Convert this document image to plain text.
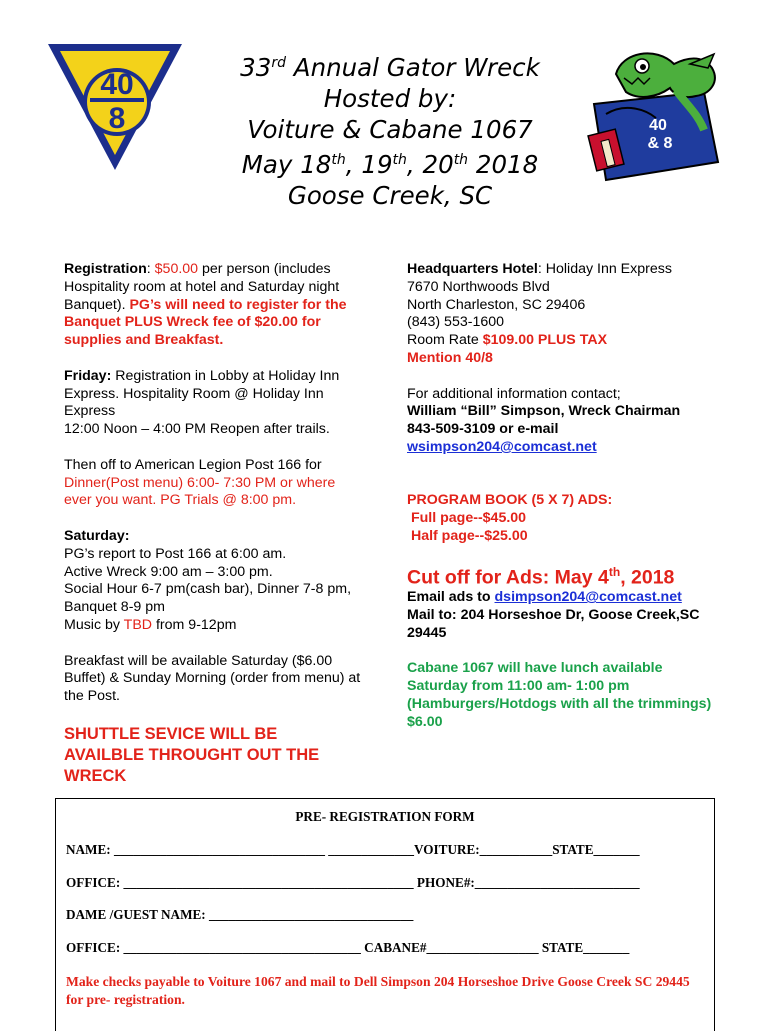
40
8	40
& 8
33rd Annual Gator Wreck
Hosted by:
Voiture & Cabane 1067
May 18th, 19th, 20th 2018
Goose Creek, SC

Registration: $50.00 per person (includes Hospitality room at hotel and Saturday night Banquet). PG’s will need to register for the Banquet PLUS Wreck fee of $20.00 for supplies and Breakfast.

Friday: Registration in Lobby at Holiday Inn Express. Hospitality Room @ Holiday Inn Express
12:00 Noon – 4:00 PM Reopen after trails.

Then off to American Legion Post 166 for Dinner(Post menu) 6:00- 7:30 PM or where ever you want. PG Trials @ 8:00 pm.

Saturday:
PG’s report to Post 166 at 6:00 am.
Active Wreck 9:00 am – 3:00 pm.
Social Hour 6-7 pm(cash bar), Dinner 7-8 pm, Banquet 8-9 pm
Music by TBD from 9-12pm

Breakfast will be available Saturday ($6.00 Buffet) & Sunday Morning (order from menu) at the Post.

SHUTTLE SEVICE WILL BE AVAILBLE THROUGHT OUT THE WRECK

Headquarters Hotel: Holiday Inn Express
7670 Northwoods Blvd
North Charleston, SC 29406
(843) 553-1600
Room Rate $109.00 PLUS TAX
Mention 40/8

For additional information contact;
William “Bill” Simpson, Wreck Chairman
843-509-3109 or e-mail
wsimpson204@comcast.net

PROGRAM BOOK (5 X 7) ADS:
Full page--$45.00
Half page--$25.00

Cut off for Ads: May 4th, 2018

Email ads to dsimpson204@comcast.net
Mail to: 204 Horseshoe Dr, Goose Creek,SC 29445

Cabane 1067 will have lunch available Saturday from 11:00 am- 1:00 pm (Hamburgers/Hotdogs with all the trimmings) $6.00

PRE- REGISTRATION FORM
NAME: ________________________________ _____________VOITURE:___________STATE_______
OFFICE: ____________________________________________ PHONE#:_________________________
DAME /GUEST NAME: _______________________________
OFFICE: ____________________________________ CABANE#_________________ STATE_______
Make checks payable to Voiture 1067 and mail to Dell Simpson 204 Horseshoe Drive Goose Creek SC 29445 for pre- registration.
